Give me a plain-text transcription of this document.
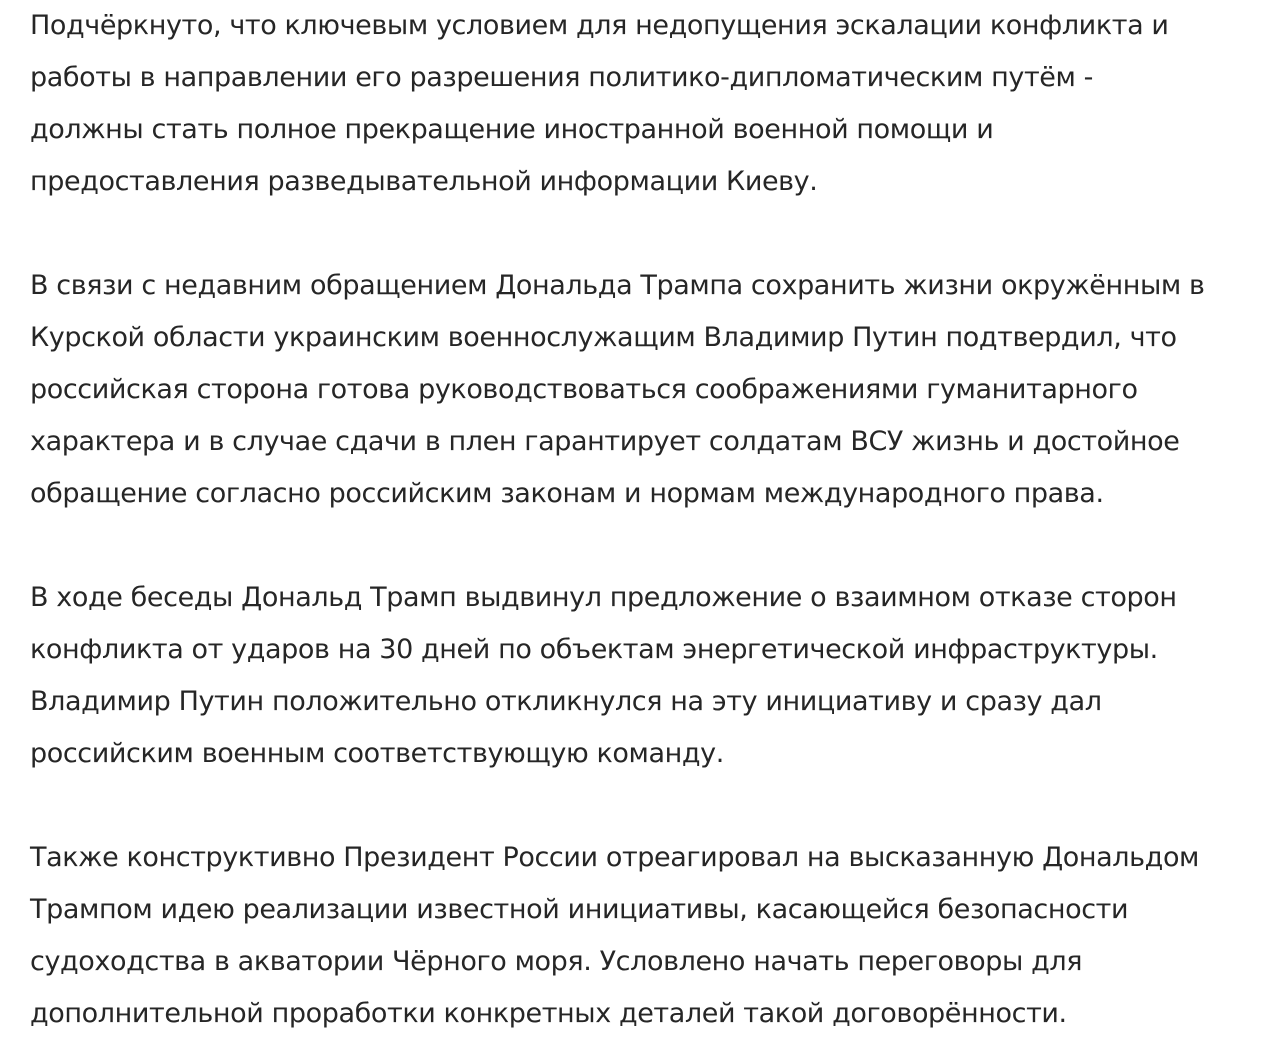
Подчёркнуто, что ключевым условием для недопущения эскалации конфликта и
работы в направлении его разрешения политико-дипломатическим путём -
должны стать полное прекращение иностранной военной помощи и
предоставления разведывательной информации Киеву.

В связи с недавним обращением Дональда Трампа сохранить жизни окружённым в
Курской области украинским военнослужащим Владимир Путин подтвердил, что
российская сторона готова руководствоваться соображениями гуманитарного
характера и в случае сдачи в плен гарантирует солдатам ВСУ жизнь и достойное
обращение согласно российским законам и нормам международного права.

В ходе беседы Дональд Трамп выдвинул предложение о взаимном отказе сторон
конфликта от ударов на 30 дней по объектам энергетической инфраструктуры.
Владимир Путин положительно откликнулся на эту инициативу и сразу дал
российским военным соответствующую команду.

Также конструктивно Президент России отреагировал на высказанную Дональдом
Трампом идею реализации известной инициативы, касающейся безопасности
судоходства в акватории Чёрного моря. Условлено начать переговоры для
дополнительной проработки конкретных деталей такой договорённости.
